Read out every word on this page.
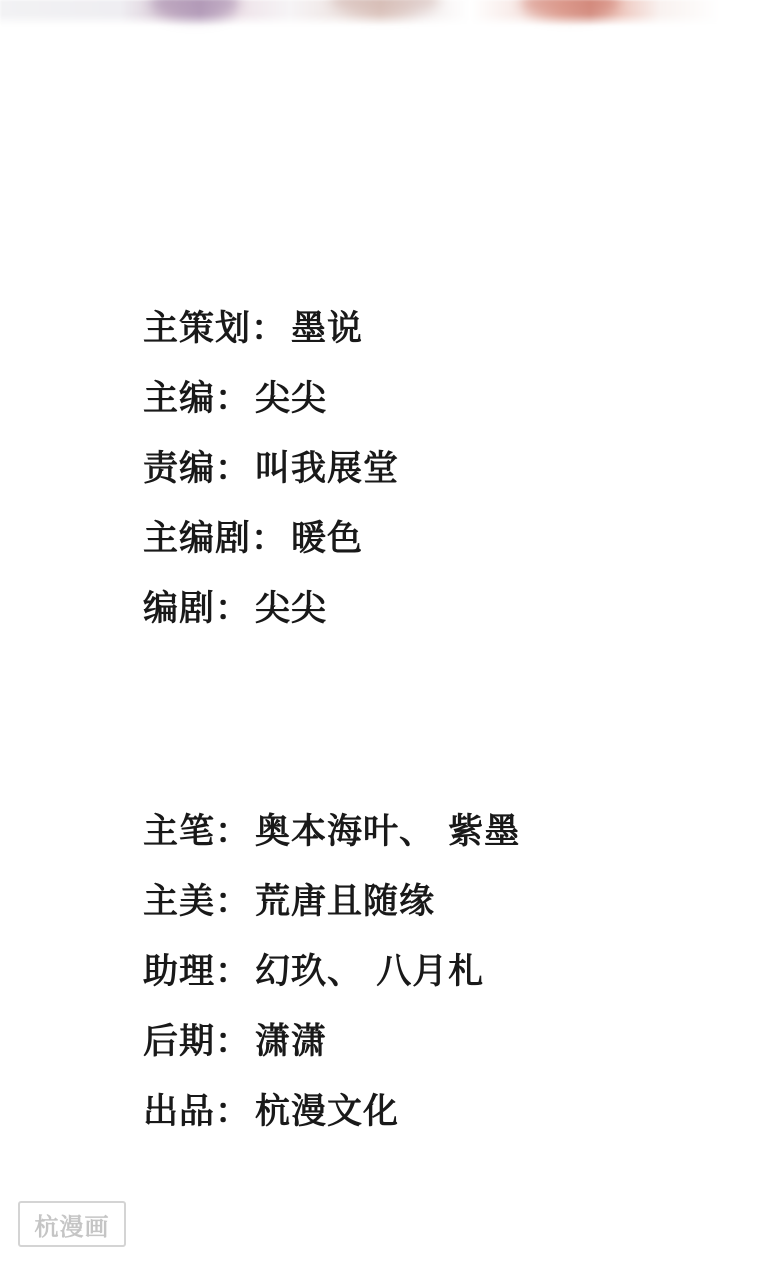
主策划 ： 墨说
主编 ： 尖尖
责编 ： 叫我展堂
主编剧 ： 暖色
编剧 ： 尖尖
主笔 ： 奥本海叶、 紫墨
主美 ： 荒唐且随缘
助理 ： 幻玖、 八月札
后期 ： 潇潇
出品 ： 杭漫文化
杭漫画
